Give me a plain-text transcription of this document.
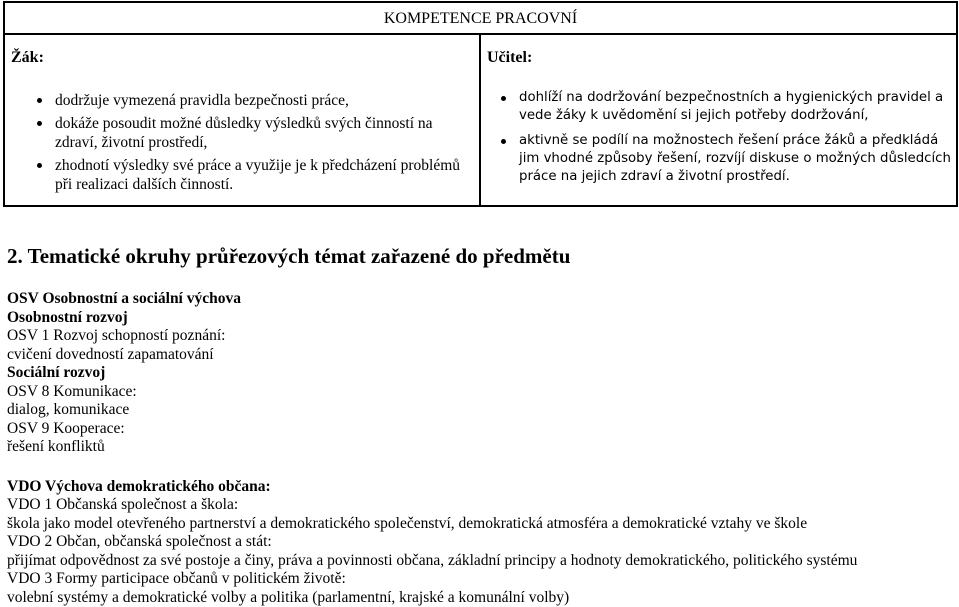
KOMPETENCE PRACOVNÍ
Žák:
dodržuje vymezená pravidla bezpečnosti práce,
dokáže posoudit možné důsledky výsledků svých činností na zdraví, životní prostředí,
zhodnotí výsledky své práce a využije je k předcházení problémů při realizaci dalších činností.
Učitel:
dohlíží na dodržování bezpečnostních a hygienických pravidel a vede žáky k uvědomění si jejich potřeby dodržování,
aktivně se podílí na možnostech řešení práce žáků a předkládá jim vhodné způsoby řešení, rozvíjí diskuse o možných důsledcích práce na jejich zdraví a životní prostředí.
2. Tematické okruhy průřezových témat zařazené do předmětu
OSV Osobnostní a sociální výchova
Osobnostní rozvoj
OSV 1 Rozvoj schopností poznání:
cvičení dovedností zapamatování
Sociální rozvoj
OSV 8 Komunikace:
dialog, komunikace
OSV 9 Kooperace:
řešení konfliktů
VDO Výchova demokratického občana:
VDO 1 Občanská společnost a škola:
škola jako model otevřeného partnerství a demokratického společenství, demokratická atmosféra a demokratické vztahy ve škole
VDO 2 Občan, občanská společnost a stát:
přijímat odpovědnost za své postoje a činy, práva a povinnosti občana, základní principy a hodnoty demokratického, politického systému
VDO 3 Formy participace občanů v politickém životě:
volební systémy a demokratické volby a politika (parlamentní, krajské a komunální volby)
